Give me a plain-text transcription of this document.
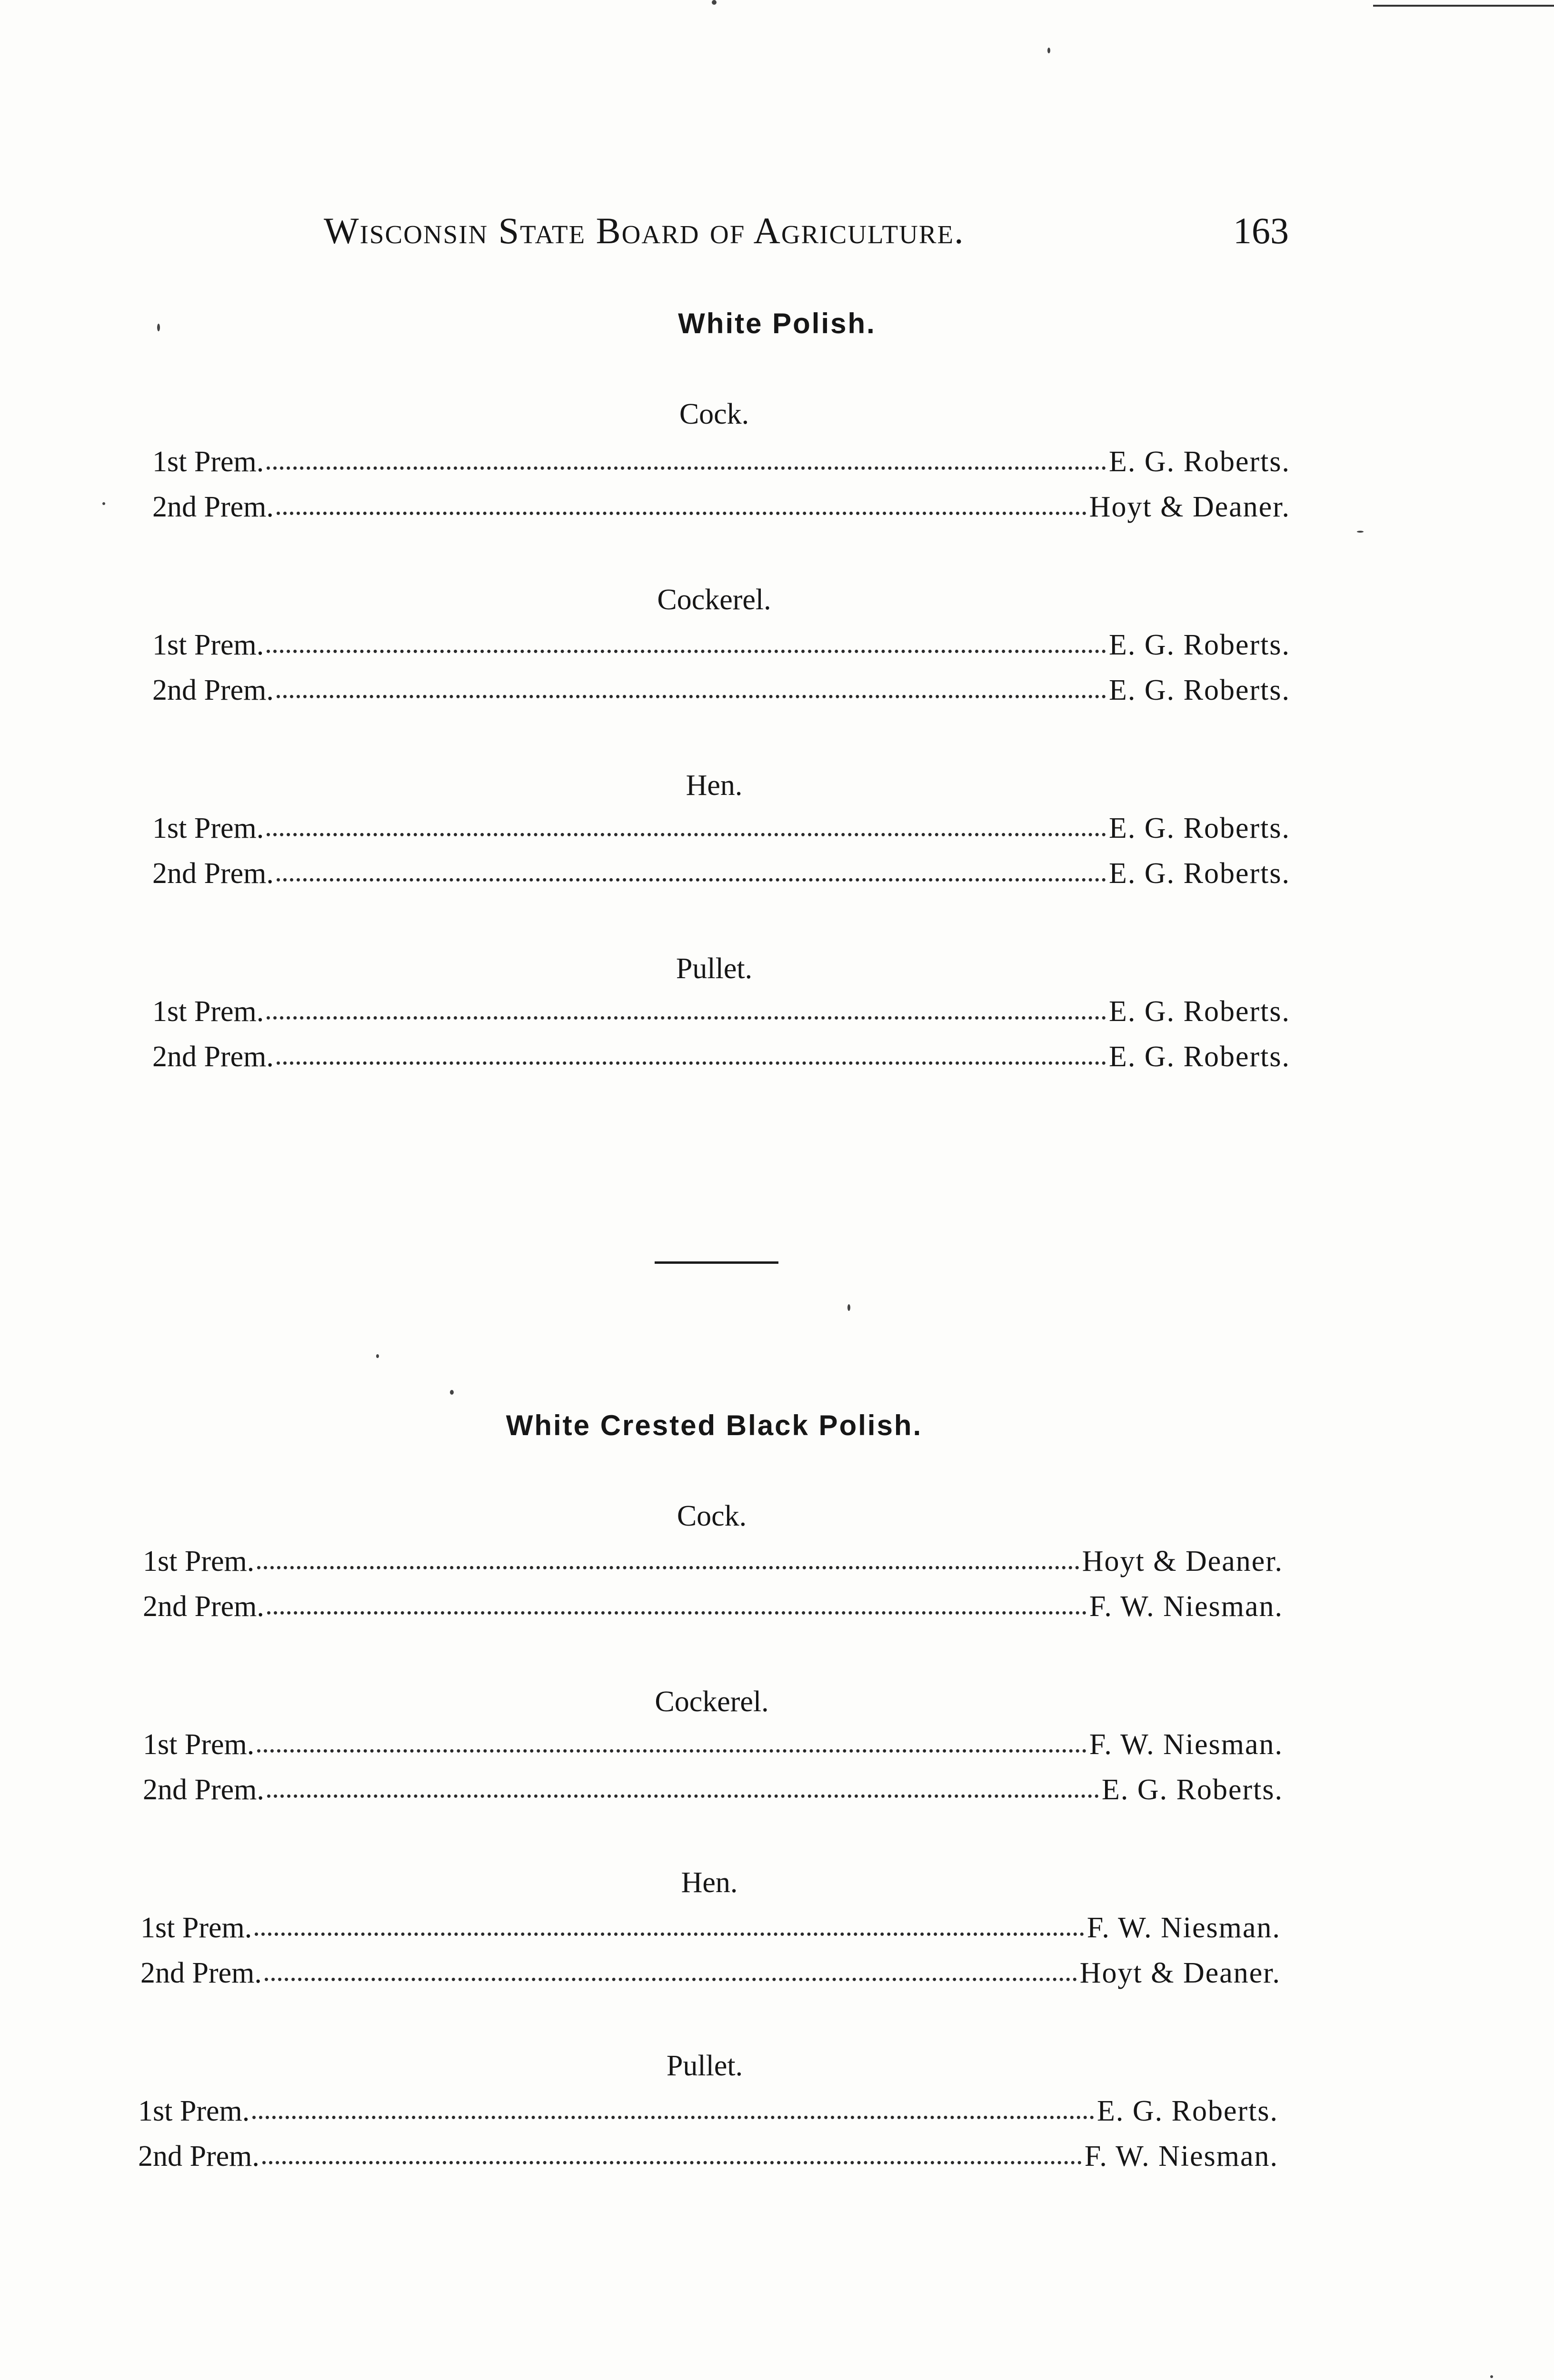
Wisconsin State Board of Agriculture.	163
White Polish.
Cock.
1st Prem.	E. G. Roberts.
2nd Prem.	Hoyt & Deaner.
Cockerel.
1st Prem.	E. G. Roberts.
2nd Prem.	E. G. Roberts.
Hen.
1st Prem.	E. G. Roberts.
2nd Prem.	E. G. Roberts.
Pullet.
1st Prem.	E. G. Roberts.
2nd Prem.	E. G. Roberts.
White Crested Black Polish.
Cock.
1st Prem.	Hoyt & Deaner.
2nd Prem.	F. W. Niesman.
Cockerel.
1st Prem.	F. W. Niesman.
2nd Prem.	E. G. Roberts.
Hen.
1st Prem.	F. W. Niesman.
2nd Prem.	Hoyt & Deaner.
Pullet.
1st Prem.	E. G. Roberts.
2nd Prem.	F. W. Niesman.
